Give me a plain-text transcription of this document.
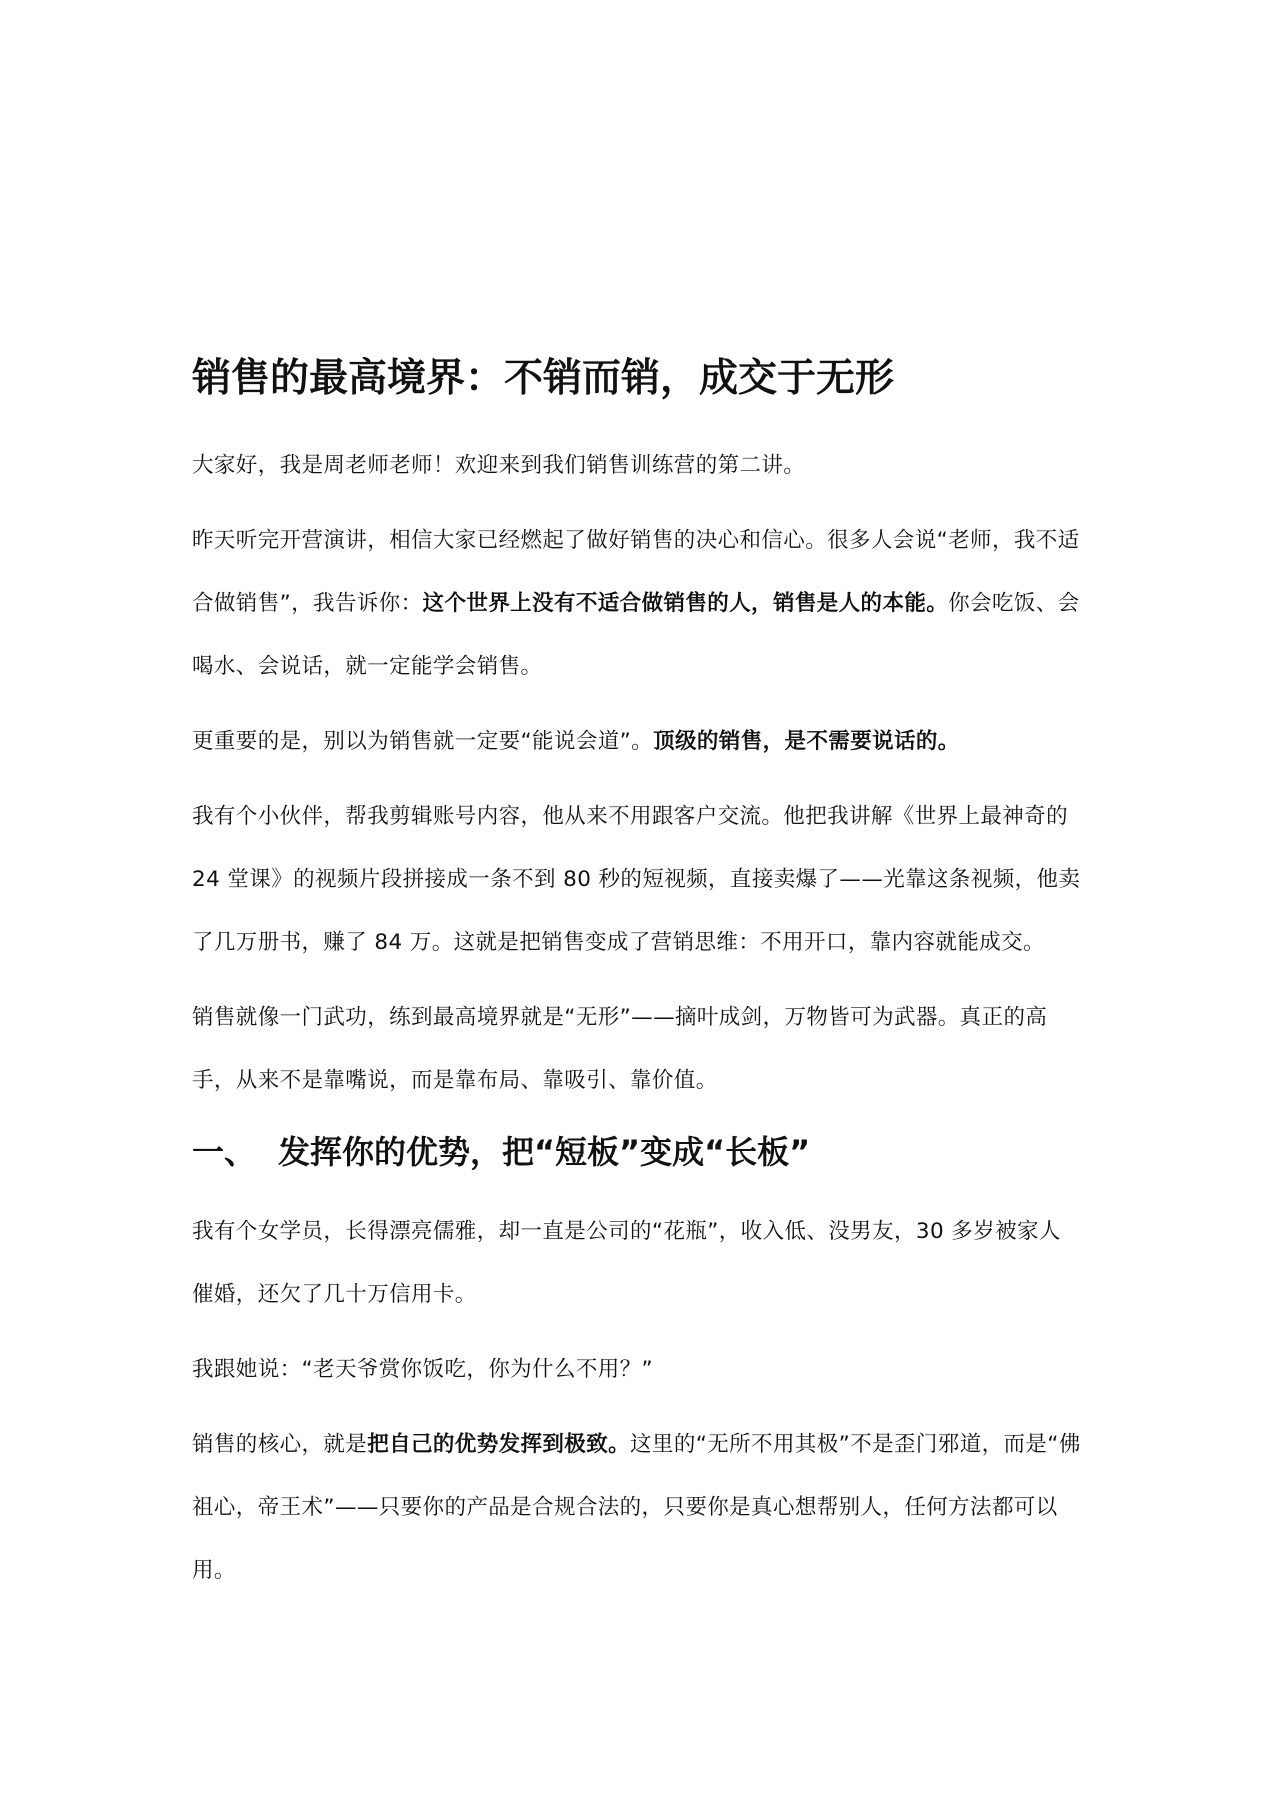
销售的最高境界：不销而销，成交于无形

大家好，我是周老师老师！欢迎来到我们销售训练营的第二讲。

昨天听完开营演讲，相信大家已经燃起了做好销售的决心和信心。很多人会说“老师，我不适合做销售”，我告诉你：这个世界上没有不适合做销售的人，销售是人的本能。你会吃饭、会喝水、会说话，就一定能学会销售。

更重要的是，别以为销售就一定要“能说会道”。顶级的销售，是不需要说话的。

我有个小伙伴，帮我剪辑账号内容，他从来不用跟客户交流。他把我讲解《世界上最神奇的 24 堂课》的视频片段拼接成一条不到 80 秒的短视频，直接卖爆了——光靠这条视频，他卖了几万册书，赚了 84 万。这就是把销售变成了营销思维：不用开口，靠内容就能成交。

销售就像一门武功，练到最高境界就是“无形”——摘叶成剑，万物皆可为武器。真正的高手，从来不是靠嘴说，而是靠布局、靠吸引、靠价值。

一、 发挥你的优势，把“短板”变成“长板”

我有个女学员，长得漂亮儒雅，却一直是公司的“花瓶”，收入低、没男友，30 多岁被家人催婚，还欠了几十万信用卡。

我跟她说：“老天爷赏你饭吃，你为什么不用？”

销售的核心，就是把自己的优势发挥到极致。这里的“无所不用其极”不是歪门邪道，而是“佛祖心，帝王术”——只要你的产品是合规合法的，只要你是真心想帮别人，任何方法都可以用。
